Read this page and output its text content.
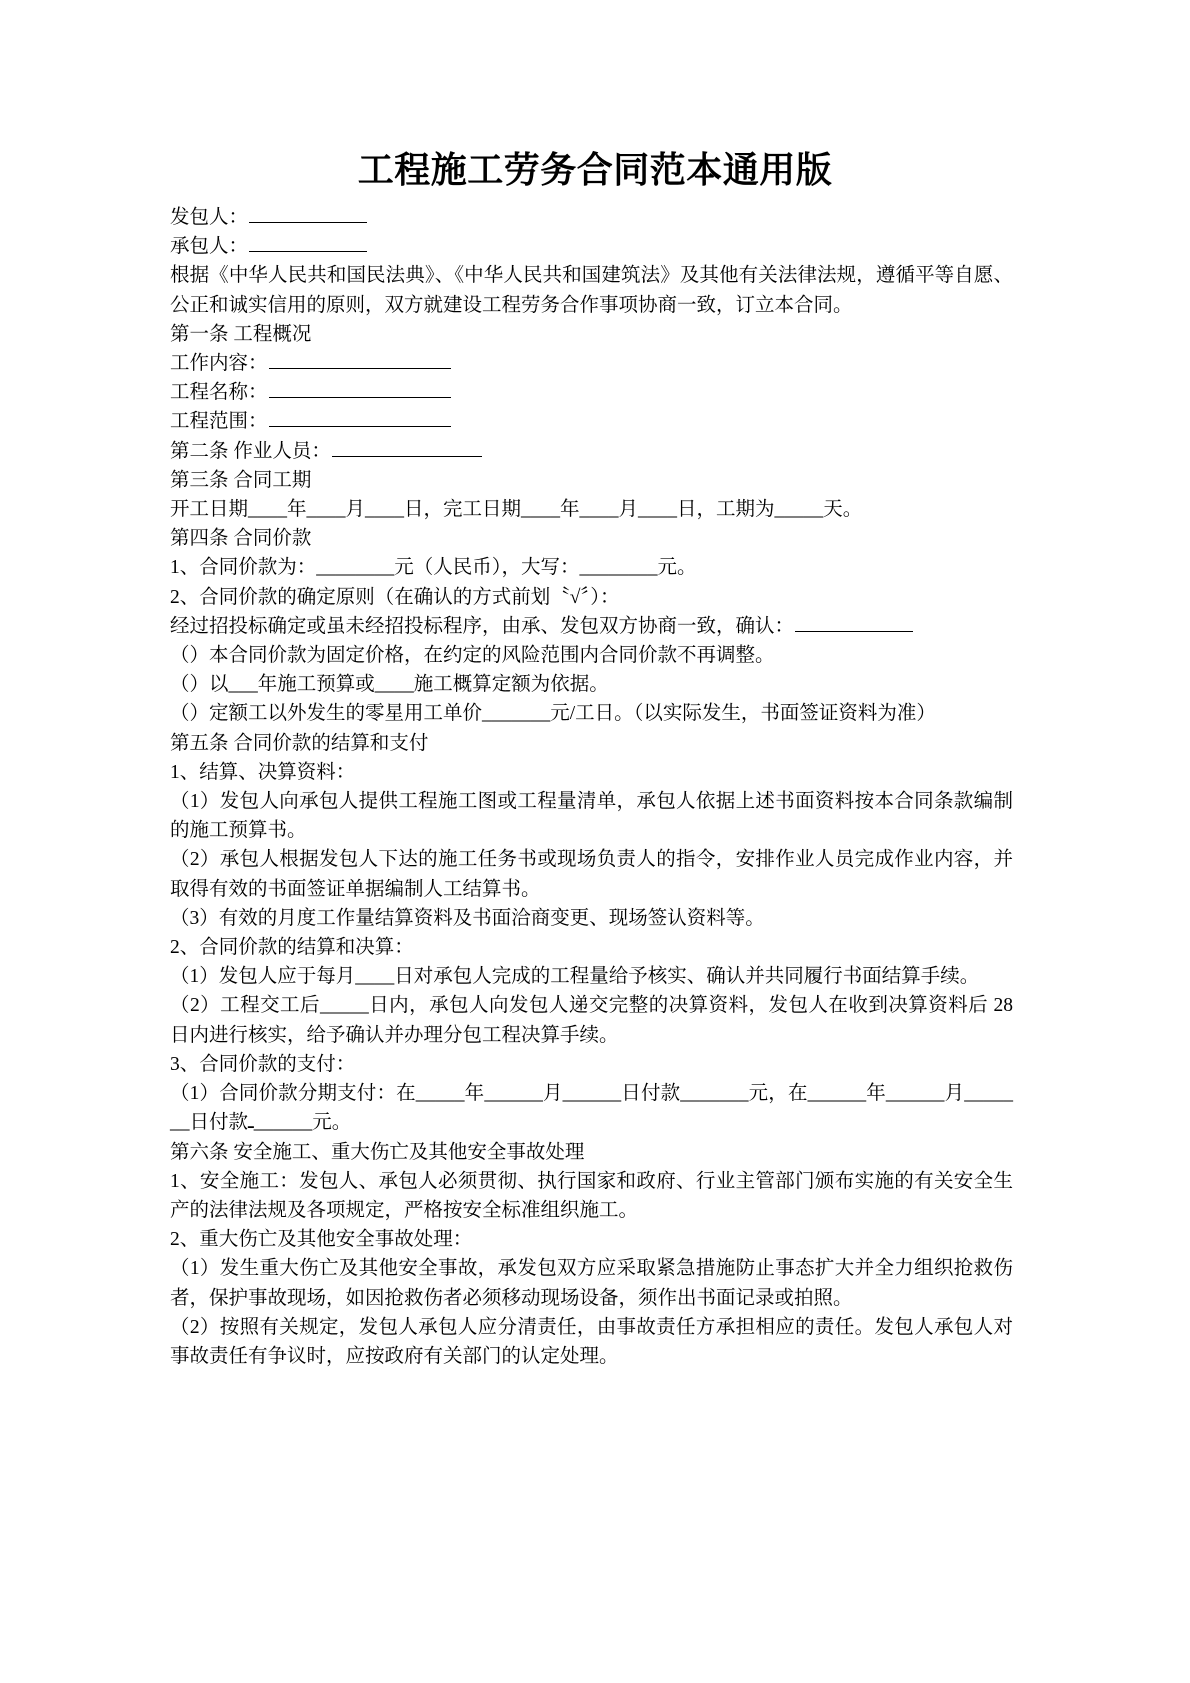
工程施工劳务合同范本通用版
发包人：
承包人：
根据《中华人民共和国民法典》、《中华人民共和国建筑法》及其他有关法律法规，遵循平等自愿、公正和诚实信用的原则，双方就建设工程劳务合作事项协商一致，订立本合同。
第一条 工程概况
工作内容：
工程名称：
工程范围：
第二条 作业人员：
第三条 合同工期
开工日期____年____月____日，完工日期____年____月____日，工期为_____天。
第四条 合同价款
1、合同价款为：________元（人民币），大写：________元。
2、合同价款的确定原则（在确认的方式前划〝√〞）：
经过招投标确定或虽未经招投标程序，由承、发包双方协商一致，确认：
（）本合同价款为固定价格，在约定的风险范围内合同价款不再调整。
（）以___年施工预算或____施工概算定额为依据。
（）定额工以外发生的零星用工单价_______元/工日。（以实际发生，书面签证资料为准）
第五条 合同价款的结算和支付
1、结算、决算资料：
（1）发包人向承包人提供工程施工图或工程量清单，承包人依据上述书面资料按本合同条款编制的施工预算书。
（2）承包人根据发包人下达的施工任务书或现场负责人的指令，安排作业人员完成作业内容，并取得有效的书面签证单据编制人工结算书。
（3）有效的月度工作量结算资料及书面洽商变更、现场签认资料等。
2、合同价款的结算和决算：
（1）发包人应于每月____日对承包人完成的工程量给予核实、确认并共同履行书面结算手续。
（2）工程交工后_____日内，承包人向发包人递交完整的决算资料，发包人在收到决算资料后 28 日内进行核实，给予确认并办理分包工程决算手续。
3、合同价款的支付：
（1）合同价款分期支付：在_____年______月______日付款_______元，在______年______月_______日付款ـ______元。
第六条 安全施工、重大伤亡及其他安全事故处理
1、安全施工：发包人、承包人必须贯彻、执行国家和政府、行业主管部门颁布实施的有关安全生产的法律法规及各项规定，严格按安全标准组织施工。
2、重大伤亡及其他安全事故处理：
（1）发生重大伤亡及其他安全事故，承发包双方应采取紧急措施防止事态扩大并全力组织抢救伤者，保护事故现场，如因抢救伤者必须移动现场设备，须作出书面记录或拍照。
（2）按照有关规定，发包人承包人应分清责任，由事故责任方承担相应的责任。发包人承包人对事故责任有争议时，应按政府有关部门的认定处理。
